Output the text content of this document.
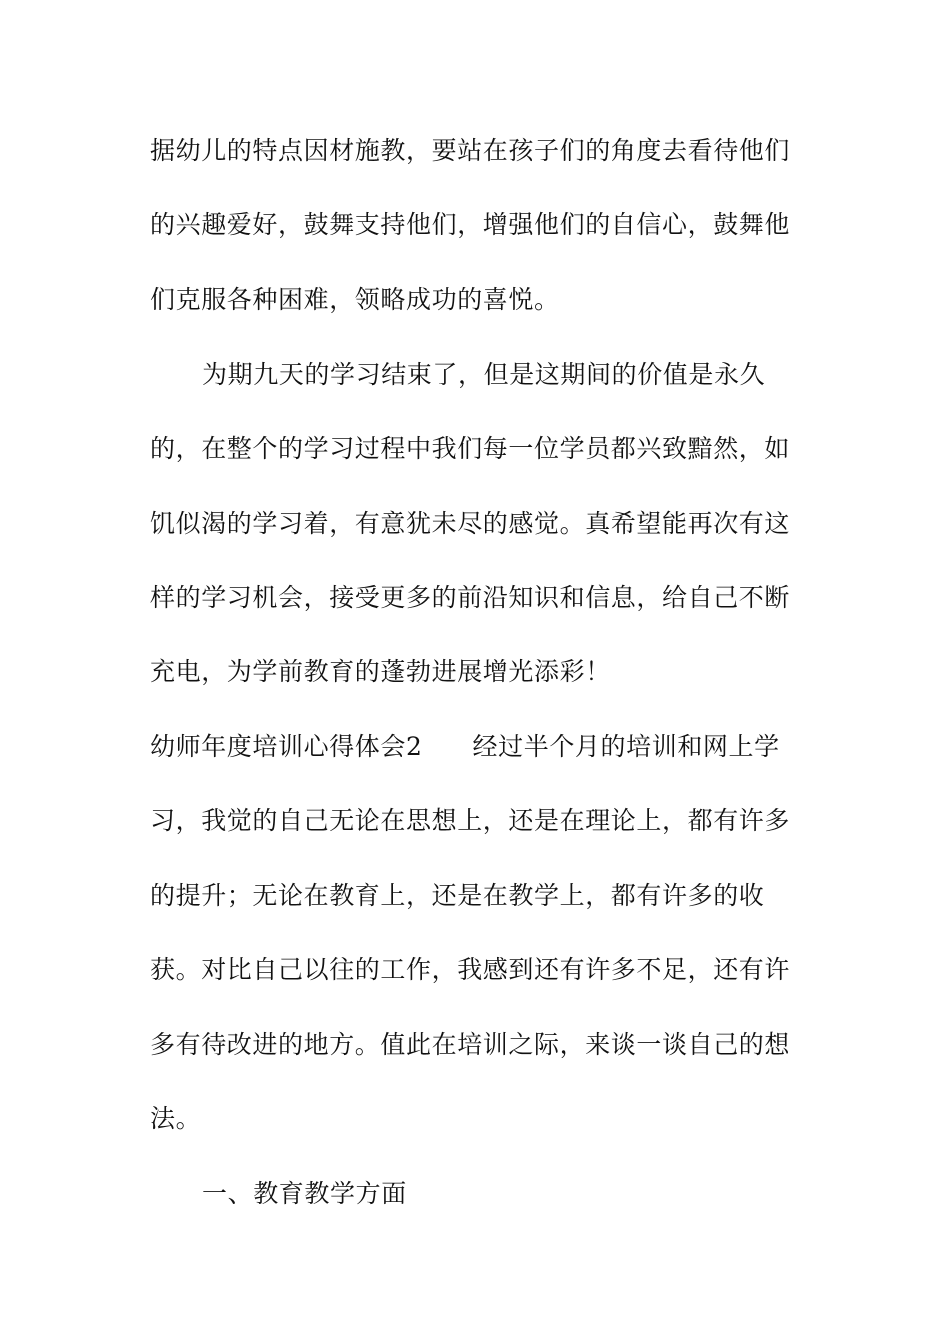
据幼儿的特点因材施教，要站在孩子们的角度去看待他们
的兴趣爱好，鼓舞支持他们，增强他们的自信心，鼓舞他
们克服各种困难，领略成功的喜悦。
为期九天的学习结束了，但是这期间的价值是永久
的，在整个的学习过程中我们每一位学员都兴致黯然，如
饥似渴的学习着，有意犹未尽的感觉。真希望能再次有这
样的学习机会，接受更多的前沿知识和信息，给自己不断
充电，为学前教育的蓬勃进展增光添彩！
幼师年度培训心得体会2 经过半个月的培训和网上学
习，我觉的自己无论在思想上，还是在理论上，都有许多
的提升；无论在教育上，还是在教学上，都有许多的收
获。对比自己以往的工作，我感到还有许多不足，还有许
多有待改进的地方。值此在培训之际，来谈一谈自己的想
法。
一、教育教学方面
